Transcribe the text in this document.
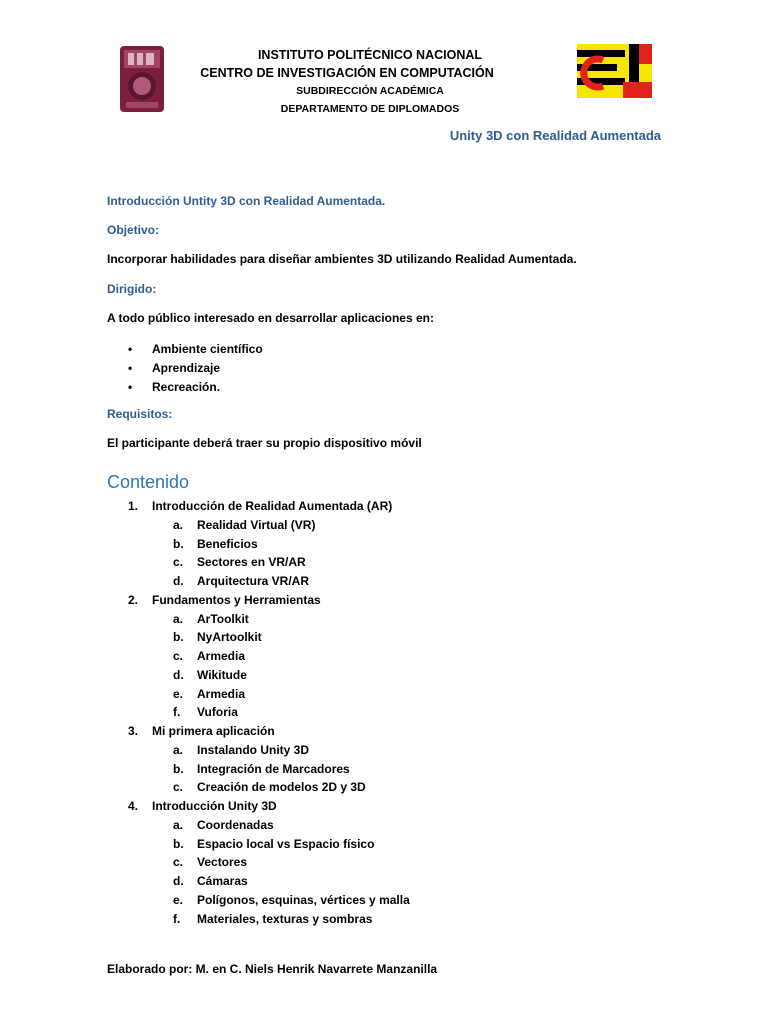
INSTITUTO POLITÉCNICO NACIONAL
CENTRO DE INVESTIGACIÓN EN COMPUTACIÓN
SUBDIRECCIÓN ACADÉMICA
DEPARTAMENTO DE DIPLOMADOS
Unity 3D con Realidad Aumentada
Introducción Untity 3D con Realidad Aumentada.
Objetivo:
Incorporar habilidades para diseñar ambientes 3D utilizando Realidad Aumentada.
Dirigido:
A todo público interesado en desarrollar aplicaciones en:
• Ambiente científico
• Aprendizaje
• Recreación.
Requisitos:
El participante deberá traer su propio dispositivo móvil
Contenido
1. Introducción de Realidad Aumentada (AR)
a. Realidad Virtual (VR)
b. Beneficios
c. Sectores en VR/AR
d. Arquitectura VR/AR
2. Fundamentos y Herramientas
a. ArToolkit
b. NyArtoolkit
c. Armedia
d. Wikitude
e. Armedia
f. Vuforia
3. Mi primera aplicación
a. Instalando Unity 3D
b. Integración de Marcadores
c. Creación de modelos 2D y 3D
4. Introducción Unity 3D
a. Coordenadas
b. Espacio local vs Espacio físico
c. Vectores
d. Cámaras
e. Polígonos, esquinas, vértices y malla
f. Materiales, texturas y sombras
Elaborado por: M. en C. Niels Henrik Navarrete Manzanilla
